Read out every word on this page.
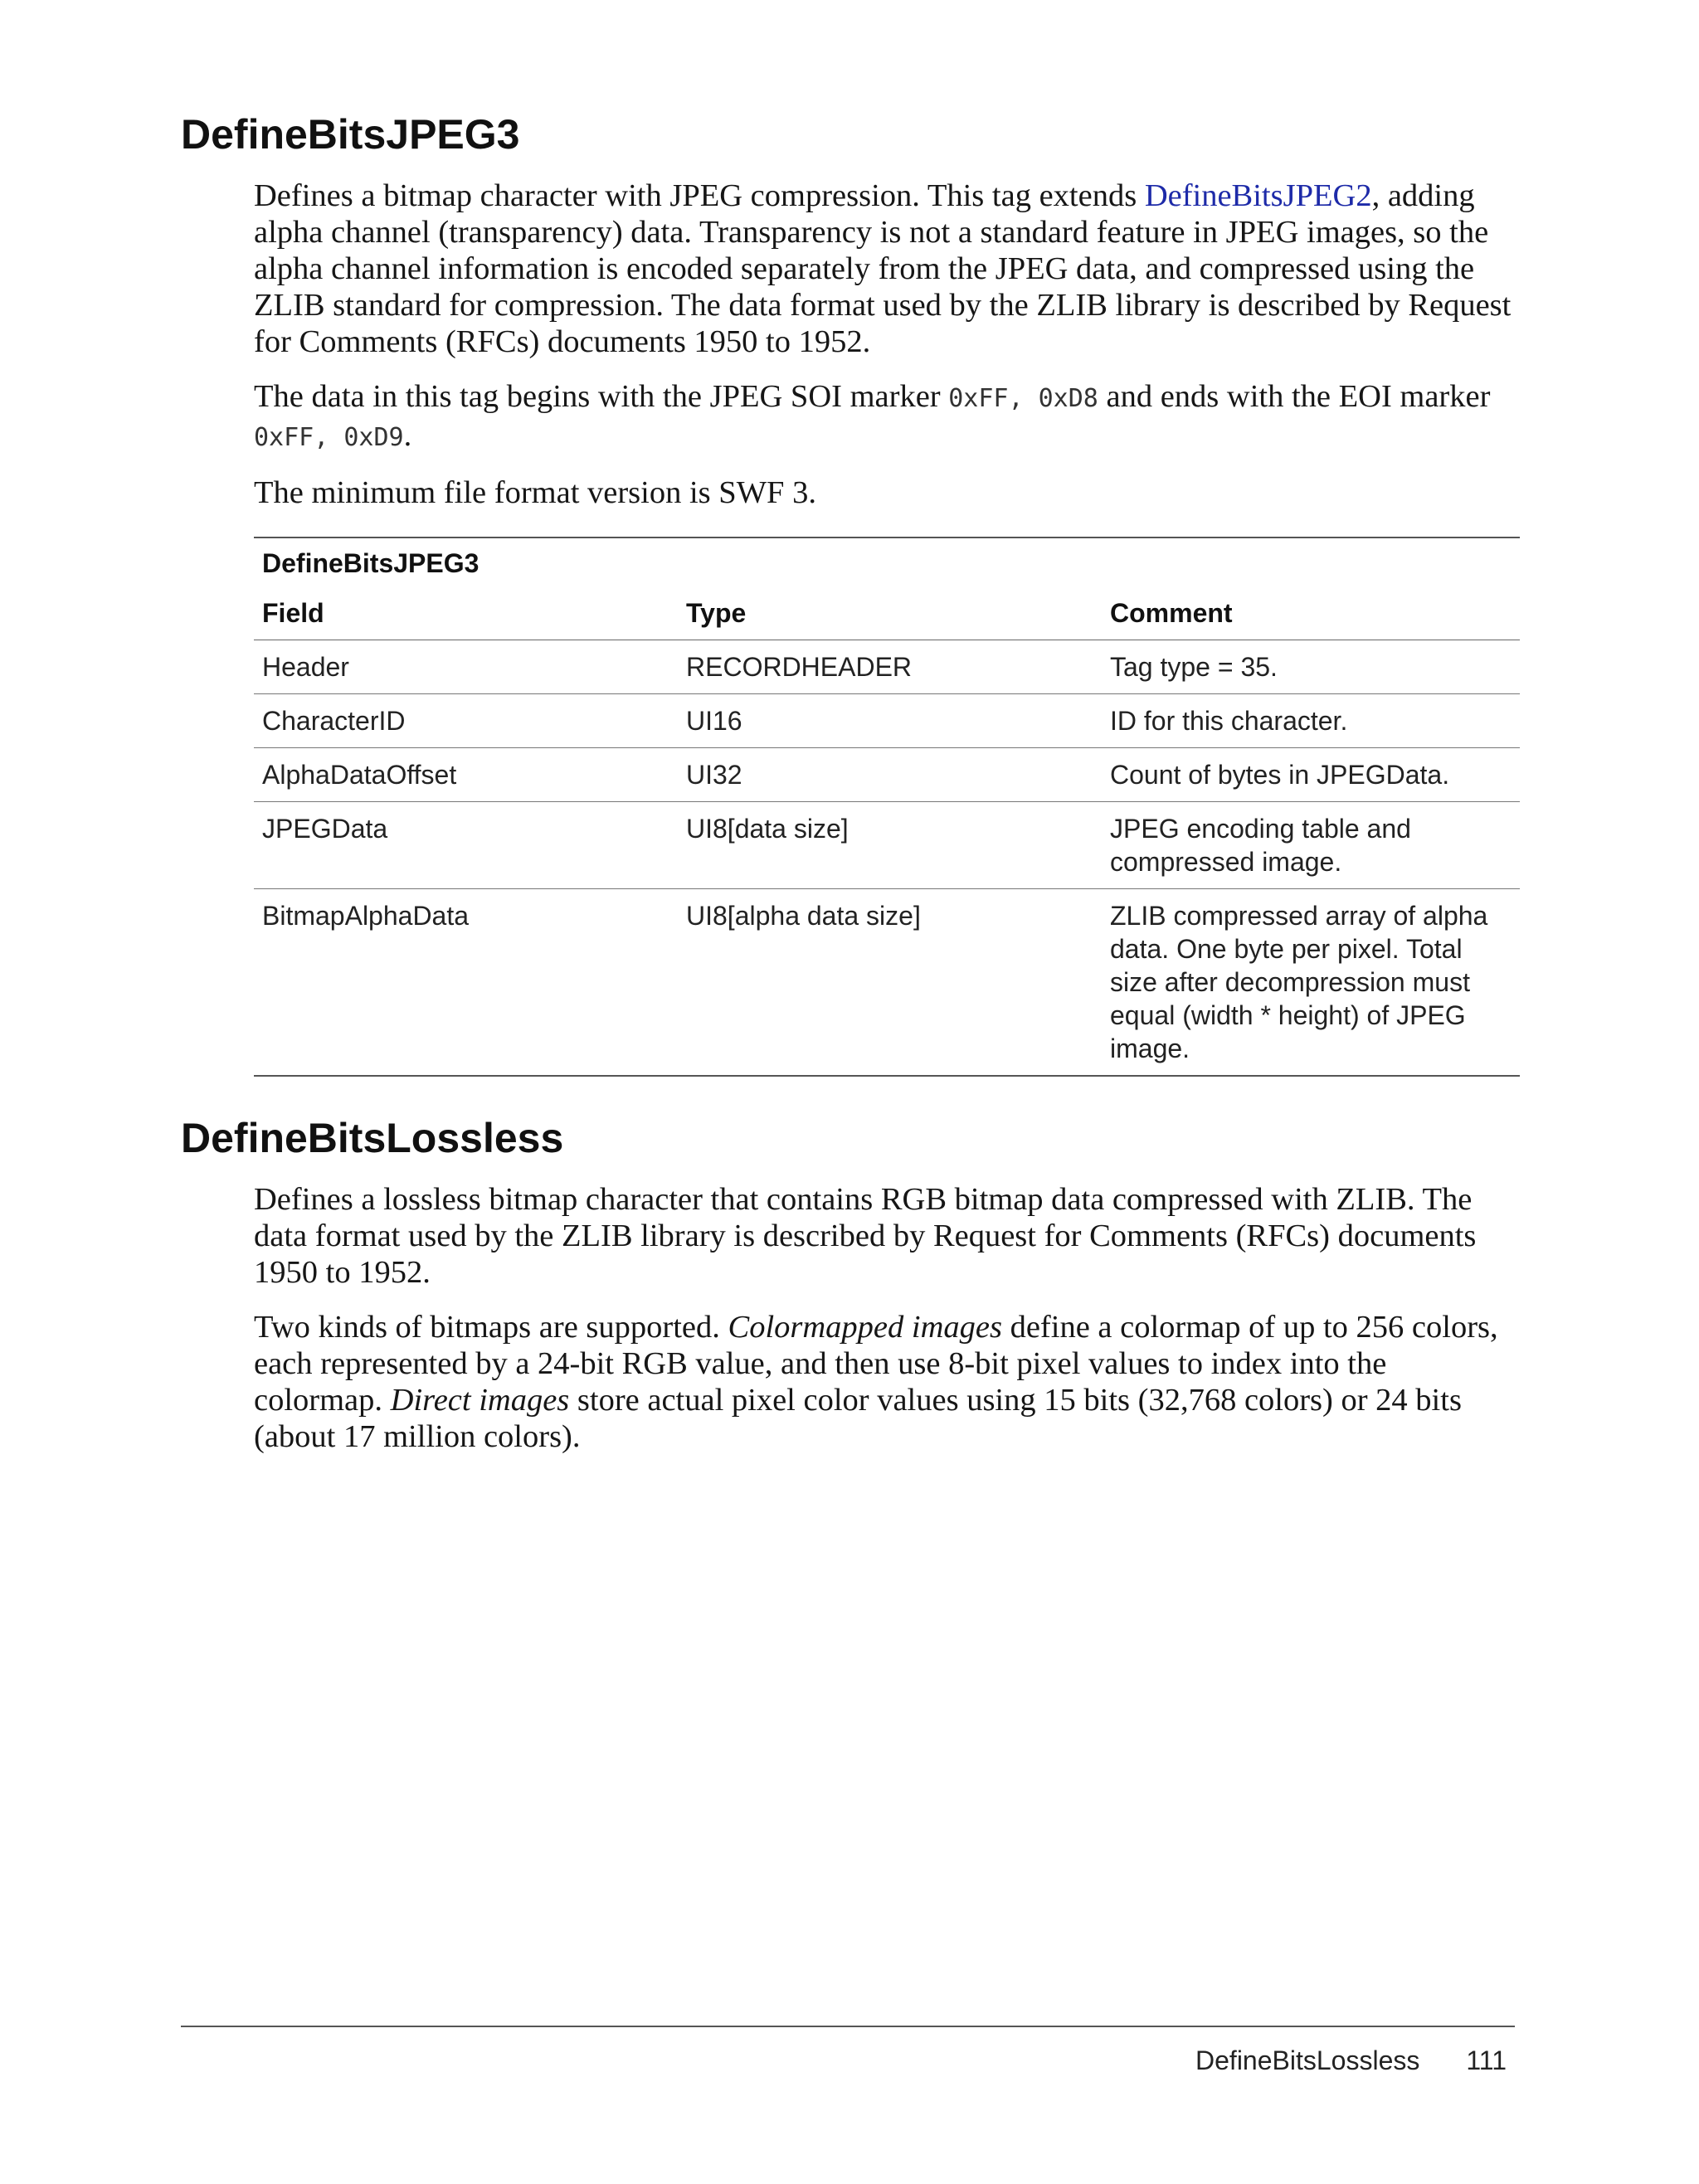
DefineBitsJPEG3

Defines a bitmap character with JPEG compression. This tag extends DefineBitsJPEG2, adding alpha channel (transparency) data. Transparency is not a standard feature in JPEG images, so the alpha channel information is encoded separately from the JPEG data, and compressed using the ZLIB standard for compression. The data format used by the ZLIB library is described by Request for Comments (RFCs) documents 1950 to 1952.

The data in this tag begins with the JPEG SOI marker 0xFF, 0xD8 and ends with the EOI marker 0xFF, 0xD9.

The minimum file format version is SWF 3.

DefineBitsJPEG3
Field	Type	Comment
Header	RECORDHEADER	Tag type = 35.
CharacterID	UI16	ID for this character.
AlphaDataOffset	UI32	Count of bytes in JPEGData.
JPEGData	UI8[data size]	JPEG encoding table and compressed image.
BitmapAlphaData	UI8[alpha data size]	ZLIB compressed array of alpha data. One byte per pixel. Total size after decompression must equal (width * height) of JPEG image.
DefineBitsLossless

Defines a lossless bitmap character that contains RGB bitmap data compressed with ZLIB. The data format used by the ZLIB library is described by Request for Comments (RFCs) documents 1950 to 1952.

Two kinds of bitmaps are supported. Colormapped images define a colormap of up to 256 colors, each represented by a 24-bit RGB value, and then use 8-bit pixel values to index into the colormap. Direct images store actual pixel color values using 15 bits (32,768 colors) or 24 bits (about 17 million colors).

DefineBitsLossless 111
